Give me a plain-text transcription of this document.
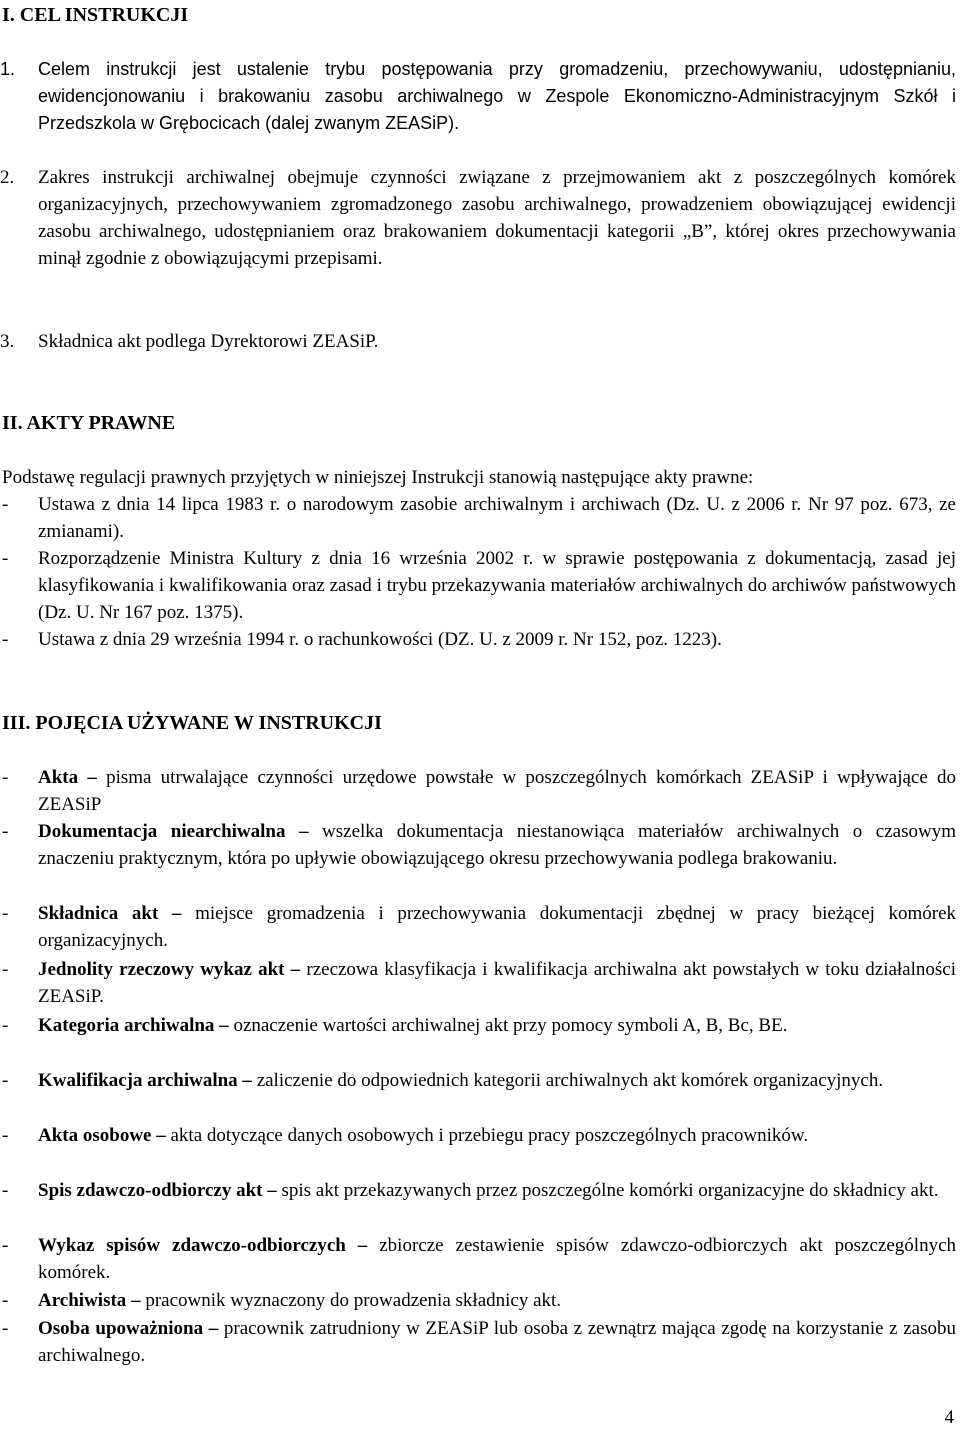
I. CEL INSTRUKCJI
1. Celem instrukcji jest ustalenie trybu postępowania przy gromadzeniu, przechowywaniu, udostępnianiu, ewidencjonowaniu i brakowaniu zasobu archiwalnego w Zespole Ekonomiczno-Administracyjnym Szkół i Przedszkola w Grębocicach (dalej zwanym ZEASiP).
2. Zakres instrukcji archiwalnej obejmuje czynności związane z przejmowaniem akt z poszczególnych komórek organizacyjnych, przechowywaniem zgromadzonego zasobu archiwalnego, prowadzeniem obowiązującej ewidencji zasobu archiwalnego, udostępnianiem oraz brakowaniem dokumentacji kategorii „B”, której okres przechowywania minął zgodnie z obowiązującymi przepisami.
3. Składnica akt podlega Dyrektorowi ZEASiP.
II. AKTY PRAWNE
Podstawę regulacji prawnych przyjętych w niniejszej Instrukcji stanowią następujące akty prawne:
- Ustawa z dnia 14 lipca 1983 r. o narodowym zasobie archiwalnym i archiwach (Dz. U. z 2006 r. Nr 97 poz. 673, ze zmianami).
- Rozporządzenie Ministra Kultury z dnia 16 września 2002 r. w sprawie postępowania z dokumentacją, zasad jej klasyfikowania i kwalifikowania oraz zasad i trybu przekazywania materiałów archiwalnych do archiwów państwowych (Dz. U. Nr 167 poz. 1375).
- Ustawa z dnia 29 września 1994 r. o rachunkowości (DZ. U. z 2009 r. Nr 152, poz. 1223).
III. POJĘCIA UŻYWANE W INSTRUKCJI
- Akta – pisma utrwalające czynności urzędowe powstałe w poszczególnych komórkach ZEASiP i wpływające do ZEASiP
- Dokumentacja niearchiwalna – wszelka dokumentacja niestanowiąca materiałów archiwalnych o czasowym znaczeniu praktycznym, która po upływie obowiązującego okresu przechowywania podlega brakowaniu.
- Składnica akt – miejsce gromadzenia i przechowywania dokumentacji zbędnej w pracy bieżącej komórek organizacyjnych.
- Jednolity rzeczowy wykaz akt – rzeczowa klasyfikacja i kwalifikacja archiwalna akt powstałych w toku działalności ZEASiP.
- Kategoria archiwalna – oznaczenie wartości archiwalnej akt przy pomocy symboli A, B, Bc, BE.
- Kwalifikacja archiwalna – zaliczenie do odpowiednich kategorii archiwalnych akt komórek organizacyjnych.
- Akta osobowe – akta dotyczące danych osobowych i przebiegu pracy poszczególnych pracowników.
- Spis zdawczo-odbiorczy akt – spis akt przekazywanych przez poszczególne komórki organizacyjne do składnicy akt.
- Wykaz spisów zdawczo-odbiorczych – zbiorcze zestawienie spisów zdawczo-odbiorczych akt poszczególnych komórek.
- Archiwista – pracownik wyznaczony do prowadzenia składnicy akt.
- Osoba upoważniona – pracownik zatrudniony w ZEASiP lub osoba z zewnątrz mająca zgodę na korzystanie z zasobu archiwalnego.
4
